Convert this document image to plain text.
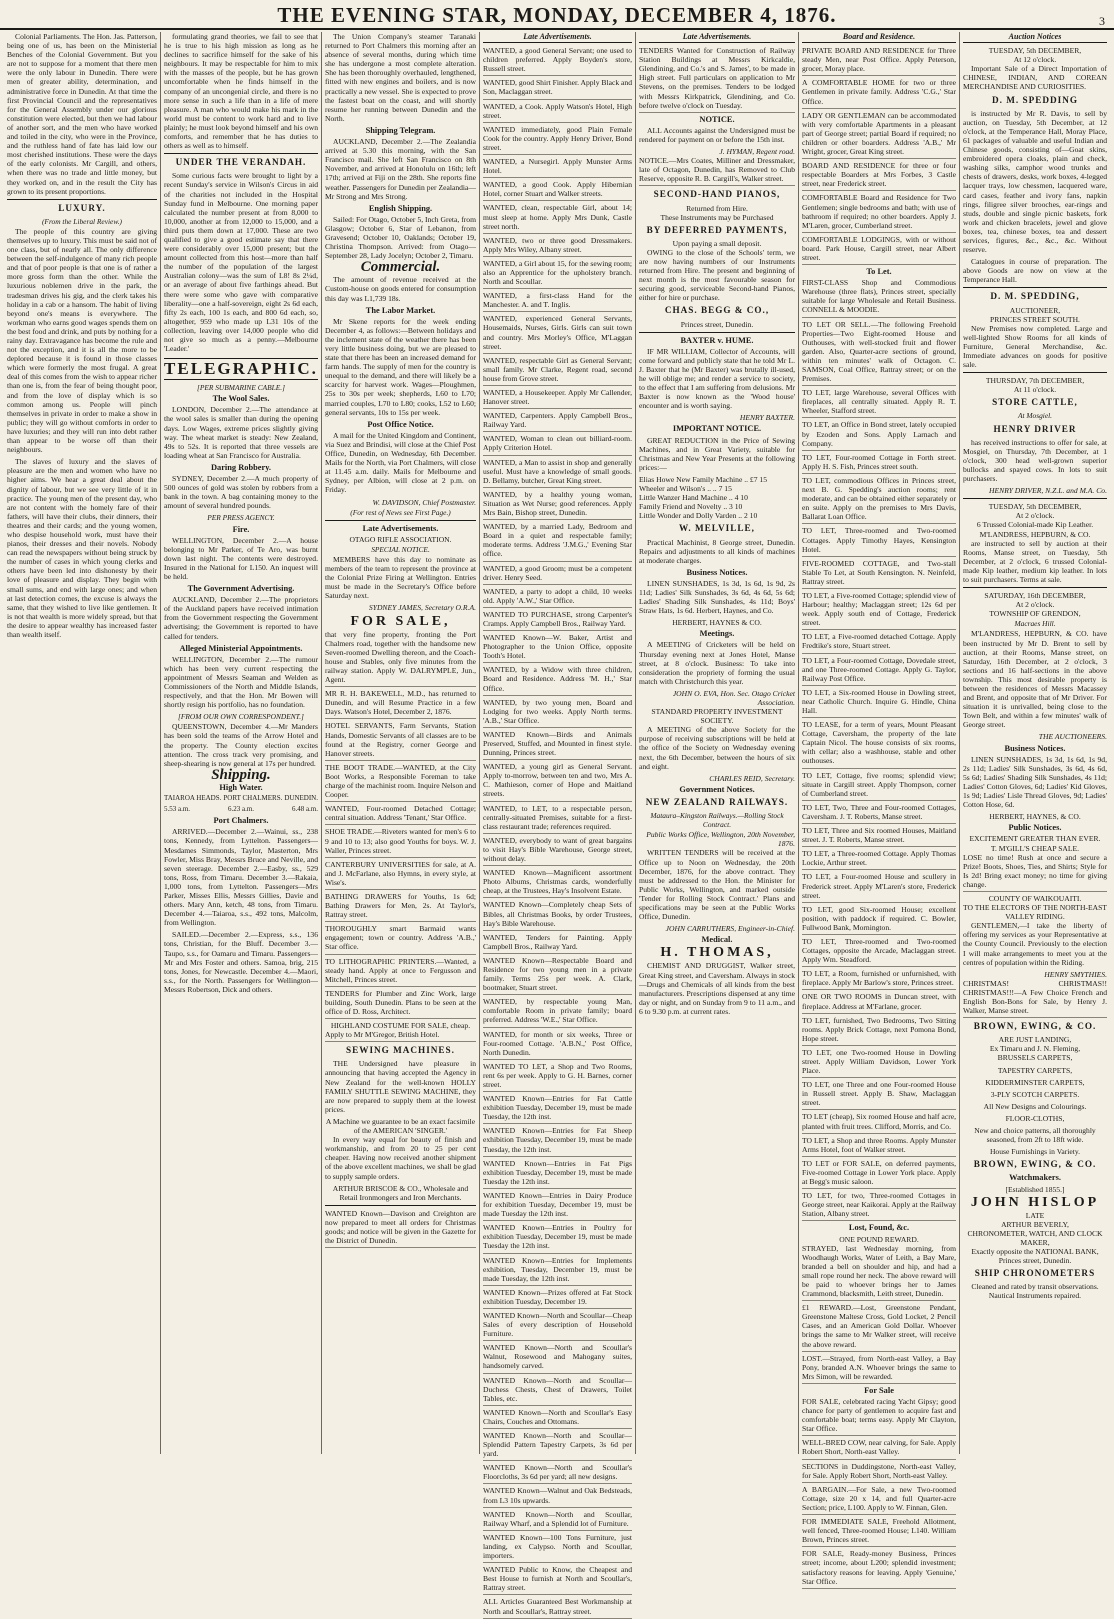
THE EVENING STAR, MONDAY, DECEMBER 4, 1876.	3

Colonial Parliaments. The Hon. Jas. Patterson, being one of us, has been on the Ministerial Benches of the Colonial Government. But you are not to suppose for a moment that there men were the only labour in Dunedin. There were men of greater ability, determination, and administrative force in Dunedin. At that time the first Provincial Council and the representatives for the General Assembly under our glorious constitution were elected, but then we had labour of another sort, and the men who have worked and toiled in the city, who were in the Province, and the ruthless hand of fate has laid low our most cherished institutions. These were the days of the early colonists. Mr Cargill, and others, when there was no trade and little money, but they worked on, and in the result the City has grown to its present proportions.

LUXURY.
(From the Liberal Review.)

The people of this country are giving themselves up to luxury. This must be said not of one class, but of nearly all. The only difference between the self-indulgence of many rich people and that of poor people is that one is of rather a more gross form than the other. While the luxurious noblemen drive in the park, the tradesman drives his gig, and the clerk takes his holiday in a cab or a hansom. The habit of living beyond one's means is everywhere. The workman who earns good wages spends them on the best food and drink, and puts by nothing for a rainy day. Extravagance has become the rule and not the exception, and it is all the more to be deplored because it is found in those classes which were formerly the most frugal. A great deal of this comes from the wish to appear richer than one is, from the fear of being thought poor, and from the love of display which is so common among us. People will pinch themselves in private in order to make a show in public; they will go without comforts in order to have luxuries; and they will run into debt rather than appear to be worse off than their neighbours.

The slaves of luxury and the slaves of pleasure are the men and women who have no higher aims. We hear a great deal about the dignity of labour, but we see very little of it in practice. The young men of the present day, who are not content with the homely fare of their fathers, will have their clubs, their dinners, their theatres and their cards; and the young women, who despise household work, must have their pianos, their dresses and their novels. Nobody can read the newspapers without being struck by the number of cases in which young clerks and others have been led into dishonesty by their love of pleasure and display. They begin with small sums, and end with large ones; and when at last detection comes, the excuse is always the same, that they wished to live like gentlemen. It is not that wealth is more widely spread, but that the desire to appear wealthy has increased faster than wealth itself.

formulating grand theories, we fail to see that he is true to his high mission as long as he declines to sacrifice himself for the sake of his neighbours. It may be respectable for him to mix with the masses of the people, but he has grown uncomfortable when he finds himself in the company of an uncongenial circle, and there is no more sense in such a life than in a life of mere pleasure. A man who would make his mark in the world must be content to work hard and to live plainly; he must look beyond himself and his own comforts, and remember that he has duties to others as well as to himself.

UNDER THE VERANDAH.

Some curious facts were brought to light by a recent Sunday's service in Wilson's Circus in aid of the charities not included in the Hospital Sunday fund in Melbourne. One morning paper calculated the number present at from 8,000 to 10,000, another at from 12,000 to 15,000, and a third puts them down at 17,000. These are two qualified to give a good estimate say that there were considerably over 15,000 present; but the amount collected from this host—more than half the number of the population of the largest Australian colony—was the sum of L8! 8s 2¼d, or an average of about five farthings ahead. But there were some who gave with comparative liberality—one a half-sovereign, eight 2s 6d each, fifty 2s each, 100 1s each, and 800 6d each, so, altogether, 959 who made up L31 10s of the collection, leaving over 14,000 people who did not give so much as a penny.—Melbourne 'Leader.'

TELEGRAPHIC.
[PER SUBMARINE CABLE.]
The Wool Sales.

LONDON, December 2.—The attendance at the wool sales is smaller than during the opening days. Low Wages, extreme prices slightly giving way. The wheat market is steady: New Zealand, 49s to 52s. It is reported that three vessels are loading wheat at San Francisco for Australia.

Daring Robbery.

SYDNEY, December 2.—A much property of 500 ounces of gold was stolen by robbers from a bank in the town. A bag containing money to the amount of several hundred pounds.

PER PRESS AGENCY.
Fire.

WELLINGTON, December 2.—A house belonging to Mr Parker, of Te Aro, was burnt down last night. The contents were destroyed. Insured in the National for L150. An inquest will be held.

The Government Advertising.

AUCKLAND, December 2.—The proprietors of the Auckland papers have received intimation from the Government respecting the Government advertising; the Government is reported to have called for tenders.

Alleged Ministerial Appointments.

WELLINGTON, December 2.—The rumour which has been very current respecting the appointment of Messrs Seaman and Welden as Commissioners of the North and Middle Islands, respectively, and that the Hon. Mr Bowen will shortly resign his portfolio, has no foundation.

[FROM OUR OWN CORRESPONDENT.]

QUEENSTOWN, December 4.—Mr Manders has been sold the teams of the Arrow Hotel and the property. The County election excites attention. The cross track very promising, and sheep-shearing is now general at 17s per hundred.

Shipping.
High Water.
TAIAROA HEADS. PORT CHALMERS. DUNEDIN.
5.53 a.m.	6.23 a.m.	6.48 a.m.
Port Chalmers.

ARRIVED.—December 2.—Wainui, ss., 238 tons, Kennedy, from Lyttelton. Passengers—Mesdames Simmonds, Taylor, Masterton, Mrs Fowler, Miss Bray, Messrs Bruce and Neville, and seven steerage. December 2.—Easby, ss., 529 tons, Ross, from Timaru. December 3.—Rakaia, 1,000 tons, from Lyttelton. Passengers—Mrs Parker, Misses Ellis, Messrs Gillies, Davie and others. Mary Ann, ketch, 48 tons, from Timaru. December 4.—Taiaroa, s.s., 492 tons, Malcolm, from Wellington.

SAILED.—December 2.—Express, s.s., 136 tons, Christian, for the Bluff. December 3.—Taupo, s.s., for Oamaru and Timaru. Passengers—Mr and Mrs Foster and others. Samoa, brig, 215 tons, Jones, for Newcastle. December 4.—Maori, s.s., for the North. Passengers for Wellington—Messrs Robertson, Dick and others.

The Union Company's steamer Taranaki returned to Port Chalmers this morning after an absence of several months, during which time she has undergone a most complete alteration. She has been thoroughly overhauled, lengthened, fitted with new engines and boilers, and is now practically a new vessel. She is expected to prove the fastest boat on the coast, and will shortly resume her running between Dunedin and the North.

Shipping Telegram.

AUCKLAND, December 2.—The Zealandia arrived at 5.30 this morning, with the San Francisco mail. She left San Francisco on 8th November, and arrived at Honolulu on 16th; left 17th; arrived at Fiji on the 28th. She reports fine weather. Passengers for Dunedin per Zealandia—Mr Strong and Mrs Strong.

English Shipping.

Sailed: For Otago, October 5, Inch Greta, from Glasgow; October 6, Star of Lebanon, from Gravesend; October 10, Oaklands; October 19, Christina Thompson. Arrived: from Otago—September 28, Lady Jocelyn; October 2, Timaru.

Commercial.

The amount of revenue received at the Custom-house on goods entered for consumption this day was L1,739 18s.

The Labor Market.

Mr Skene reports for the week ending December 4, as follows:—Between holidays and the inclement state of the weather there has been very little business doing, but we are pleased to state that there has been an increased demand for farm hands. The supply of men for the country is unequal to the demand, and there will likely be a scarcity for harvest work. Wages—Ploughmen, 25s to 30s per week; shepherds, L60 to L70; married couples, L70 to L80; cooks, L52 to L60; general servants, 10s to 15s per week.

Post Office Notice.

A mail for the United Kingdom and Continent, via Suez and Brindisi, will close at the Chief Post Office, Dunedin, on Wednesday, 6th December. Mails for the North, via Port Chalmers, will close at 11.45 a.m. daily. Mails for Melbourne and Sydney, per Albion, will close at 2 p.m. on Friday.

W. DAVIDSON, Chief Postmaster.
(For rest of News see First Page.)
Late Advertisements.
OTAGO RIFLE ASSOCIATION.
SPECIAL NOTICE.

MEMBERS have this day to nominate as members of the team to represent the province at the Colonial Prize Firing at Wellington. Entries must be made in the Secretary's Office before Saturday next.

SYDNEY JAMES, Secretary O.R.A.
FOR SALE,

that very fine property, fronting the Port Chalmers road, together with the handsome new Seven-roomed Dwelling thereon, and the Coach-house and Stables, only five minutes from the railway station. Apply W. DALRYMPLE, Jun., Agent.

MR R. H. BAKEWELL, M.D., has returned to Dunedin, and will Resume Practice in a few Days. Watson's Hotel, December 2, 1876.

HOTEL SERVANTS, Farm Servants, Station Hands, Domestic Servants of all classes are to be found at the Registry, corner George and Hanover streets.

THE BOOT TRADE.—WANTED, at the City Boot Works, a Responsible Foreman to take charge of the machinist room. Inquire Nelson and Cooper.

WANTED, Four-roomed Detached Cottage; central situation. Address 'Tenant,' Star Office.

SHOE TRADE.—Riveters wanted for men's 6 to 9 and 10 to 13; also good Youths for boys. W. J. Waller, Princes street.

CANTERBURY UNIVERSITIES for sale, at A. and J. McFarlane, also Hymns, in every style, at Wise's.

BATHING DRAWERS for Youths, 1s 6d; Bathing Drawers for Men, 2s. At Taylor's, Rattray street.

THOROUGHLY smart Barmaid wants engagement; town or country. Address 'A.B.,' Star office.

TO LITHOGRAPHIC PRINTERS.—Wanted, a steady hand. Apply at once to Fergusson and Mitchell, Princes street.

TENDERS for Plumber and Zinc Work, large building, South Dunedin. Plans to be seen at the office of D. Ross, Architect.

HIGHLAND COSTUME FOR SALE, cheap.

Apply to Mr M'Gregor, British Hotel.

SEWING MACHINES.

THE Undersigned have pleasure in announcing that having accepted the Agency in New Zealand for the well-known HOLLY FAMILY SHUTTLE SEWING MACHINE, they are now prepared to supply them at the lowest prices.

A Machine we guarantee to be an exact facsimile of the AMERICAN 'SINGER.'

In every way equal for beauty of finish and workmanship, and from 20 to 25 per cent cheaper. Having now received another shipment of the above excellent machines, we shall be glad to supply sample orders.

ARTHUR BRISCOE & CO., Wholesale and Retail Ironmongers and Iron Merchants.

WANTED Known—Davison and Creighton are now prepared to meet all orders for Christmas goods; and notice will be given in the Gazette for the District of Dunedin.

Late Advertisements.

WANTED, a good General Servant; one used to children preferred. Apply Boyden's store, Russell street.

WANTED, good Shirt Finisher. Apply Black and Son, Maclaggan street.

WANTED, a Cook. Apply Watson's Hotel, High street.

WANTED immediately, good Plain Female Cook for the country. Apply Henry Driver, Bond street.

WANTED, a Nursegirl. Apply Munster Arms Hotel.

WANTED, a good Cook. Apply Hibernian Hotel, corner Stuart and Walker streets.

WANTED, clean, respectable Girl, about 14; must sleep at home. Apply Mrs Dunk, Castle street north.

WANTED, two or three good Dressmakers. Apply Mrs Wiley, Albany street.

WANTED, a Girl about 15, for the sewing room; also an Apprentice for the upholstery branch. North and Scoullar.

WANTED, a first-class Hand for the Manchester. A. and T. Inglis.

WANTED, experienced General Servants, Housemaids, Nurses, Girls. Girls can suit town and country. Mrs Morley's Office, M'Laggan street.

WANTED, respectable Girl as General Servant; small family. Mr Clarke, Regent road, second house from Grove street.

WANTED, a Housekeeper. Apply Mr Callender, Hanover street.

WANTED, Carpenters. Apply Campbell Bros., Railway Yard.

WANTED, Woman to clean out billiard-room. Apply Criterion Hotel.

WANTED, a Man to assist in shop and generally useful. Must have a knowledge of small goods. D. Bellamy, butcher, Great King street.

WANTED, by a healthy young woman, Situation as Wet Nurse; good references. Apply Mrs Bain, Bishop street, Dunedin.

WANTED, by a married Lady, Bedroom and Board in a quiet and respectable family; moderate terms. Address 'J.M.G.,' Evening Star office.

WANTED, a good Groom; must be a competent driver. Henry Seed.

WANTED, a party to adopt a child, 10 weeks old. Apply 'A.W.,' Star Office.

WANTED TO PURCHASE, strong Carpenter's Cramps. Apply Campbell Bros., Railway Yard.

WANTED Known—W. Baker, Artist and Photographer to the Union Office, opposite Tooth's Hotel.

WANTED, by a Widow with three children, Board and Residence. Address 'M. H.,' Star Office.

WANTED, by two young men, Board and Lodging for two weeks. Apply North terms. 'A.B.,' Star Office.

WANTED Known—Birds and Animals Preserved, Stuffed, and Mounted in finest style. Dunning, Princes street.

WANTED, a young girl as General Servant. Apply to-morrow, between ten and two, Mrs A. C. Mathieson, corner of Hope and Maitland streets.

WANTED, to LET, to a respectable person, centrally-situated Premises, suitable for a first-class restaurant trade; references required.

WANTED, everybody to want of great bargains to visit Hay's Bible Warehouse, George street, without delay.

WANTED Known—Magnificent assortment Photo Albums, Christmas cards, wonderfully cheap, at the Trustees, Hay's Insolvent Estate.

WANTED Known—Completely cheap Sets of Bibles, all Christmas Books, by order Trustees, Hay's Bible Warehouse.

WANTED, Tenders for Painting. Apply Campbell Bros., Railway Yard.

WANTED Known—Respectable Board and Residence for two young men in a private family. Terms 25s per week. A. Clark, bootmaker, Stuart street.

WANTED, by respectable young Man, comfortable Room in private family; board preferred. Address 'W.E.,' Star Office.

WANTED, for month or six weeks, Three or Four-roomed Cottage. 'A.B.N.,' Post Office, North Dunedin.

WANTED TO LET, a Shop and Two Rooms, rent 6s per week. Apply to G. H. Barnes, corner street.

WANTED Known—Entries for Fat Cattle exhibition Tuesday, December 19, must be made Tuesday, the 12th inst.

WANTED Known—Entries for Fat Sheep exhibition Tuesday, December 19, must be made Tuesday, the 12th inst.

WANTED Known—Entries in Fat Pigs exhibition Tuesday, December 19, must be made Tuesday the 12th inst.

WANTED Known—Entries in Dairy Produce for exhibition Tuesday, December 19, must be made Tuesday the 12th inst.

WANTED Known—Entries in Poultry for exhibition Tuesday, December 19, must be made Tuesday the 12th inst.

WANTED Known—Entries for Implements exhibition, Tuesday, December 19, must be made Tuesday, the 12th inst.

WANTED Known—Prizes offered at Fat Stock exhibition Tuesday, December 19.

WANTED Known—North and Scoullar—Cheap Sales of every description of Household Furniture.

WANTED Known—North and Scoullar's Walnut, Rosewood and Mahogany suites, handsomely carved.

WANTED Known—North and Scoullar—Duchess Chests, Chest of Drawers, Toilet Tables, etc.

WANTED Known—North and Scoullar's Easy Chairs, Couches and Ottomans.

WANTED Known—North and Scoullar—Splendid Pattern Tapestry Carpets, 3s 6d per yard.

WANTED Known—North and Scoullar's Floorcloths, 3s 6d per yard; all new designs.

WANTED Known—Walnut and Oak Bedsteads, from L3 10s upwards.

WANTED Known—North and Scoullar, Railway Wharf, and a Splendid lot of Furniture.

WANTED Known—100 Tons Furniture, just landing, ex Calypso. North and Scoullar, importers.

WANTED Public to Know, the Cheapest and Best House to furnish at North and Scoullar's, Rattray street.

ALL Articles Guaranteed Best Workmanship at North and Scoullar's, Rattray street.

Late Advertisements.

TENDERS Wanted for Construction of Railway Station Buildings at Messrs Kirkcaldie, Glendining, and Co.'s and S. James', to be made in High street. Full particulars on application to Mr Stevens, on the premises. Tenders to be lodged with Messrs Kirkpatrick, Glendining, and Co. before twelve o'clock on Tuesday.

NOTICE.

ALL Accounts against the Undersigned must be rendered for payment on or before the 15th inst.

J. HYMAN, Regent road.

NOTICE.—Mrs Coates, Milliner and Dressmaker, late of Octagon, Dunedin, has Removed to Club Reserve, opposite R. B. Cargill's, Walker street.

SECOND-HAND PIANOS,
Returned from Hire.
These Instruments may be Purchased
BY DEFERRED PAYMENTS,
Upon paying a small deposit.

OWING to the close of the Schools' term, we are now having numbers of our Instruments returned from Hire. The present and beginning of next month is the most favourable season for securing good, serviceable Second-hand Pianos, either for hire or purchase.

CHAS. BEGG & CO.,
Princes street, Dunedin.
BAXTER v. HUME.

IF MR WILLIAM, Collector of Accounts, will come forward and publicly state that he told Mr L. J. Baxter that he (Mr Baxter) was brutally ill-used, he will oblige me; and render a service to society, to the effect that I am suffering from delusions. Mr Baxter is now known as the 'Wood house' encounter and is worth saying.

HENRY BAXTER.
IMPORTANT NOTICE.

GREAT REDUCTION in the Price of Sewing Machines, and in Great Variety, suitable for Christmas and New Year Presents at the following prices:—

Elias Howe New Family Machine .. £7 15
Wheeler and Wilson's .. .. 7 15
Little Wanzer Hand Machine .. 4 10
Family Friend and Novelty .. 3 10
Little Wonder and Dolly Varden .. 2 10
W. MELVILLE,

Practical Machinist, 8 George street, Dunedin. Repairs and adjustments to all kinds of machines at moderate charges.

Business Notices.

LINEN SUNSHADES, 1s 3d, 1s 6d, 1s 9d, 2s 11d; Ladies' Silk Sunshades, 3s 6d, 4s 6d, 5s 6d; Ladies' Shading Silk Sunshades, 4s 11d; Boys' Straw Hats, 1s 6d. Herbert, Haynes, and Co.

HERBERT, HAYNES & CO.
Meetings.

A MEETING of Cricketers will be held on Thursday evening next at Jones Hotel, Manse street, at 8 o'clock. Business: To take into consideration the propriety of forming the usual match with Christchurch this year.

JOHN O. EVA, Hon. Sec. Otago Cricket Association.
STANDARD PROPERTY INVESTMENT SOCIETY.

A MEETING of the above Society for the purpose of receiving subscriptions will be held at the office of the Society on Wednesday evening next, the 6th December, between the hours of six and eight.

CHARLES REID, Secretary.
Government Notices.
NEW ZEALAND RAILWAYS.
Mataura–Kingston Railways.—Rolling Stock Contract.
Public Works Office, Wellington, 20th November, 1876.

WRITTEN TENDERS will be received at the Office up to Noon on Wednesday, the 20th December, 1876, for the above contract. They must be addressed to the Hon. the Minister for Public Works, Wellington, and marked outside 'Tender for Rolling Stock Contract.' Plans and specifications may be seen at the Public Works Office, Dunedin.

JOHN CARRUTHERS, Engineer-in-Chief.
Medical.
H. THOMAS,

CHEMIST AND DRUGGIST, Walker street, Great King street, and Caversham. Always in stock—Drugs and Chemicals of all kinds from the best manufacturers. Prescriptions dispensed at any time day or night, and on Sunday from 9 to 11 a.m., and 6 to 9.30 p.m. at current rates.

Board and Residence.

PRIVATE BOARD AND RESIDENCE for Three steady Men, near Post Office. Apply Peterson, grocer, Moray place.

A COMFORTABLE HOME for two or three Gentlemen in private family. Address 'C.G.,' Star Office.

LADY OR GENTLEMAN can be accommodated with very comfortable Apartments in a pleasant part of George street; partial Board if required; no children or other boarders. Address 'A.B.,' Mr Wright, grocer, Great King street.

BOARD AND RESIDENCE for three or four respectable Boarders at Mrs Forbes, 3 Castle street, near Frederick street.

COMFORTABLE Board and Residence for Two Gentlemen; single bedrooms and bath; with use of bathroom if required; no other boarders. Apply J. M'Laren, grocer, Cumberland street.

COMFORTABLE LODGINGS, with or without board. Park House, Cargill street, near Albert street.

To Let.

FIRST-CLASS Shop and Commodious Warehouse (three flats), Princes street, specially suitable for large Wholesale and Retail Business. CONNELL & MOODIE.

TO LET OR SELL.—The following Freehold Properties—Two Eight-roomed House and Outhouses, with well-stocked fruit and flower garden. Also, Quarter-acre sections of ground, within ten minutes' walk of Octagon. C. SAMSON, Coal Office, Rattray street; or on the Premises.

TO LET, large Warehouse, several Offices with fireplaces, all centrally situated. Apply R. T. Wheeler, Stafford street.

TO LET, an Office in Bond street, lately occupied by Ezoden and Sons. Apply Larnach and Company.

TO LET, Four-roomed Cottage in Forth street. Apply H. S. Fish, Princes street south.

TO LET, commodious Offices in Princes street, next B. G. Spedding's auction rooms; rent moderate, and can be obtained either separately or en suite. Apply on the premises to Mrs Davis, Ballarat Loan Office.

TO LET, Three-roomed and Two-roomed Cottages. Apply Timothy Hayes, Kensington Hotel.

FIVE-ROOMED COTTAGE, and Two-stall Stable To Let, at South Kensington. N. Neinfeld, Rattray street.

TO LET, a Five-roomed Cottage; splendid view of Harbour; healthy; Maclaggan street; 12s 6d per week. Apply south end of Cottage, Frederick street.

TO LET, a Five-roomed detached Cottage. Apply Fredtike's store, Stuart street.

TO LET, a Four-roomed Cottage, Dovedale street, and one Three-roomed Cottage. Apply G. Taylor, Railway Post Office.

TO LET, a Six-roomed House in Dowling street, near Catholic Church. Inquire G. Hindle, China Hall.

TO LEASE, for a term of years, Mount Pleasant Cottage, Caversham, the property of the late Captain Nicol. The house consists of six rooms, with cellar; also a washhouse, stable and other outhouses.

TO LET, Cottage, five rooms; splendid view; situate in Cargill street. Apply Thompson, corner of Cumberland street.

TO LET, Two, Three and Four-roomed Cottages, Caversham. J. T. Roberts, Manse street.

TO LET, Three and Six roomed Houses, Maitland street. J. T. Roberts, Manse street.

TO LET, a Three-roomed Cottage. Apply Thomas Lockie, Arthur street.

TO LET, a Four-roomed House and scullery in Frederick street. Apply M'Laren's store, Frederick street.

TO LET, good Six-roomed House; excellent position, with paddock if required. C. Bowler, Fullwood Bank, Mornington.

TO LET, Three-roomed and Two-roomed Cottages, opposite the Arcade, Maclaggan street. Apply Wm. Steadford.

TO LET, a Room, furnished or unfurnished, with fireplace. Apply Mr Barlow's store, Princes street.

ONE OR TWO ROOMS in Duncan street, with fireplace. Address at M'Farlane, grocer.

TO LET, furnished, Two Bedrooms, Two Sitting rooms. Apply Brick Cottage, next Pomona Bond, Hope street.

TO LET, one Two-roomed House in Dowling street. Apply William Davidson, Lower York Place.

TO LET, one Three and one Four-roomed House in Russell street. Apply B. Shaw, Maclaggan street.

TO LET (cheap), Six roomed House and half acre, planted with fruit trees. Clifford, Morris, and Co.

TO LET, a Shop and three Rooms. Apply Munster Arms Hotel, foot of Walker street.

TO LET or FOR SALE, on deferred payments, Five-roomed Cottage in Lower York place. Apply at Begg's music saloon.

TO LET, for two, Three-roomed Cottages in George street, near Kaikorai. Apply at the Railway Station, Albany street.

Lost, Found, &c.
ONE POUND REWARD.

STRAYED, last Wednesday morning, from Woodhaugh Works, Water of Leith, a Bay Mare, branded a bell on shoulder and hip, and had a small rope round her neck. The above reward will be paid to whoever brings her to James Crammond, blacksmith, Leith street, Dunedin.

£1 REWARD.—Lost, Greenstone Pendant, Greenstone Maltese Cross, Gold Locket, 2 Pencil Cases, and an American Gold Dollar. Whoever brings the same to Mr Walker street, will receive the above reward.

LOST.—Strayed, from North-east Valley, a Bay Pony, branded A.N. Whoever brings the same to Mrs Simon, will be rewarded.

For Sale

FOR SALE, celebrated racing Yacht Gipsy; good chance for party of gentlemen to acquire fast and comfortable boat; terms easy. Apply Mr Clayton, Star Office.

WELL-BRED COW, near calving, for Sale. Apply Robert Short, North-east Valley.

SECTIONS in Duddingstone, North-east Valley, for Sale. Apply Robert Short, North-east Valley.

A BARGAIN.—For Sale, a new Two-roomed Cottage, size 20 x 14, and full Quarter-acre Section; price, L100. Apply to W. Finnan, Glen.

FOR IMMEDIATE SALE, Freehold Allotment, well fenced, Three-roomed House; L140. William Brown, Princes street.

FOR SALE, Ready-money Business, Princes street; income, about L200; splendid investment; satisfactory reasons for leaving. Apply 'Genuine,' Star Office.

Auction Notices
TUESDAY, 5th DECEMBER,
At 12 o'clock.

Important Sale of a Direct Importation of CHINESE, INDIAN, AND COREAN MERCHANDISE AND CURIOSITIES.

D. M. SPEDDING

is instructed by Mr R. Davis, to sell by auction, on Tuesday, 5th December, at 12 o'clock, at the Temperance Hall, Moray Place, 61 packages of valuable and useful Indian and Chinese goods, consisting of—Goat skins, embroidered opera cloaks, plain and check, washing silks, camphor wood trunks and chests of drawers, desks, work boxes, 4-legged lacquer trays, low chessmen, lacquered ware, card cases, feather and ivory fans, napkin rings, filigree silver brooches, ear-rings and studs, double and single picnic baskets, fork work and chicken bracelets, jewel and glove boxes, tea, chinese boxes, tea and dessert services, figures, &c., &c., &c. Without reserve.

Catalogues in course of preparation. The above Goods are now on view at the Temperance Hall.

D. M. SPEDDING,
AUCTIONEER,
PRINCES STREET SOUTH.

New Premises now completed. Large and well-lighted Show Rooms for all kinds of Furniture, General Merchandise, &c. Immediate advances on goods for positive sale.

THURSDAY, 7th DECEMBER,
At 11 o'clock.
STORE CATTLE,
At Mosgiel.
HENRY DRIVER

has received instructions to offer for sale, at Mosgiel, on Thursday, 7th December, at 1 o'clock, 300 head well-grown superior bullocks and spayed cows. In lots to suit purchasers.

HENRY DRIVER, N.Z.L. and M.A. Co.
TUESDAY, 5th DECEMBER,
At 2 o'clock.
6 Trussed Colonial-made Kip Leather.
M'LANDRESS, HEPBURN, & CO.

are instructed to sell by auction at their Rooms, Manse street, on Tuesday, 5th December, at 2 o'clock, 6 trussed Colonial-made Kip leather, medium kip leather. In lots to suit purchasers. Terms at sale.

SATURDAY, 16th DECEMBER,
At 2 o'clock.
TOWNSHIP OF GRENDON,
Macraes Hill.

M'LANDRESS, HEPBURN, & CO. have been instructed by Mr D. Brent to sell by auction, at their Rooms, Manse street, on Saturday, 16th December, at 2 o'clock, 3 sections and 16 half-sections in the above township. This most desirable property is between the residences of Messrs Macassey and Brent, and opposite that of Mr Driver. For situation it is unrivalled, being close to the Town Belt, and within a few minutes' walk of George street.

THE AUCTIONEERS.
Business Notices.

LINEN SUNSHADES, 1s 3d, 1s 6d, 1s 9d, 2s 11d; Ladies' Silk Sunshades, 3s 6d, 4s 6d, 5s 6d; Ladies' Shading Silk Sunshades, 4s 11d; Ladies' Cotton Gloves, 6d; Ladies' Kid Gloves, 1s 9d; Ladies' Lisle Thread Gloves, 9d; Ladies' Cotton Hose, 6d.

HERBERT, HAYNES, & CO.
Public Notices.
EXCITEMENT GREATER THAN EVER.
T. M'GILL'S CHEAP SALE.

LOSE no time! Rush at once and secure a Prize! Boots, Shoes, Ties, and Shirts; Style for Is 2d! Bring exact money; no time for giving change.

COUNTY OF WAIKOUAITI.
TO THE ELECTORS OF THE NORTH-EAST VALLEY RIDING.

GENTLEMEN,—I take the liberty of offering my services as your Representative at the County Council. Previously to the election I will make arrangements to meet you at the centres of population within the Riding.

HENRY SMYTHIES.

CHRISTMAS! CHRISTMAS!! CHRISTMAS!!!—A Few Choice French and English Bon-Bons for Sale, by Henry J. Walker, Manse street.

BROWN, EWING, & CO.
ARE JUST LANDING,
Ex Timaru and J. N. Fleming,

BRUSSELS CARPETS,

TAPESTRY CARPETS,

KIDDERMINSTER CARPETS,

3-PLY SCOTCH CARPETS.

All New Designs and Colourings.

FLOOR-CLOTHS,

New and choice patterns, all thoroughly seasoned, from 2ft to 18ft wide.

House Furnishings in Variety.

BROWN, EWING, & CO.
Watchmakers.
[Established 1855.]
JOHN HISLOP
LATE
ARTHUR BEVERLY,
CHRONOMETER, WATCH, AND CLOCK MAKER,
Exactly opposite the NATIONAL BANK, Princes street, Dunedin.
SHIP CHRONOMETERS
Cleaned and rated by transit observations. Nautical Instruments repaired.
